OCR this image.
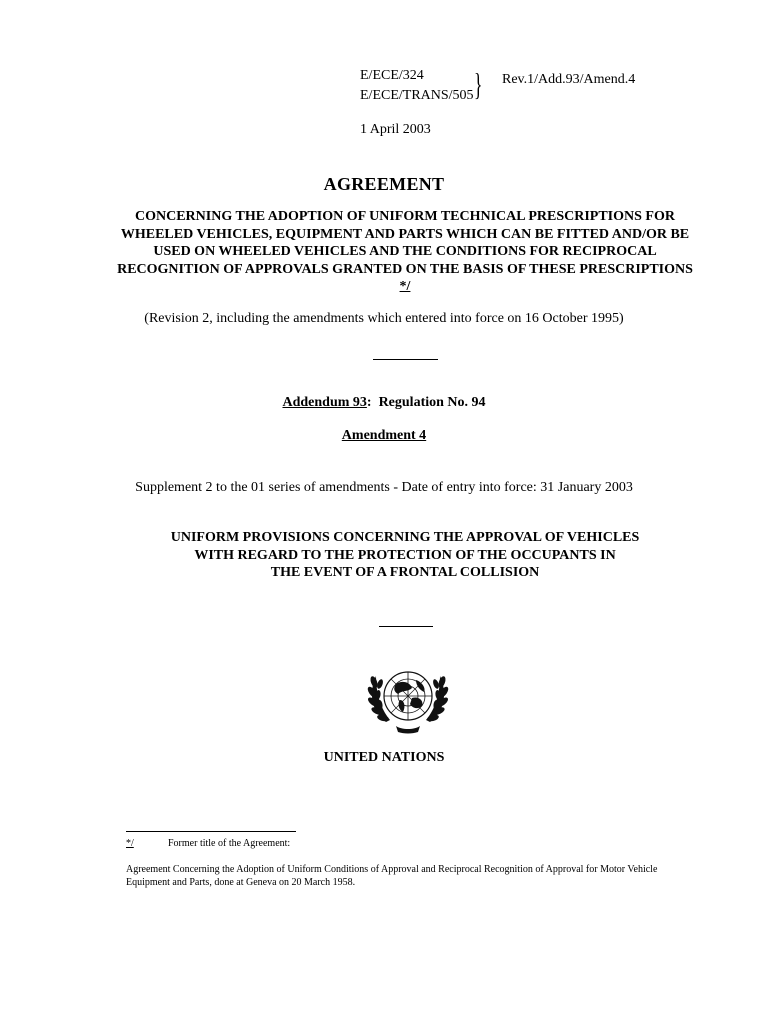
E/ECE/324
E/ECE/TRANS/505 } Rev.1/Add.93/Amend.4
1 April 2003
AGREEMENT
CONCERNING THE ADOPTION OF UNIFORM TECHNICAL PRESCRIPTIONS FOR WHEELED VEHICLES, EQUIPMENT AND PARTS WHICH CAN BE FITTED AND/OR BE USED ON WHEELED VEHICLES AND THE CONDITIONS FOR RECIPROCAL RECOGNITION OF APPROVALS GRANTED ON THE BASIS OF THESE PRESCRIPTIONS */
(Revision 2, including the amendments which entered into force on 16 October 1995)
Addendum 93:  Regulation No. 94
Amendment 4
Supplement 2 to the 01 series of amendments - Date of entry into force: 31 January 2003
UNIFORM PROVISIONS CONCERNING THE APPROVAL OF VEHICLES
WITH REGARD TO THE PROTECTION OF THE OCCUPANTS IN
THE EVENT OF A FRONTAL COLLISION
UNITED NATIONS
*/	Former title of the Agreement:
Agreement Concerning the Adoption of Uniform Conditions of Approval and Reciprocal Recognition of Approval for Motor Vehicle Equipment and Parts, done at Geneva on 20 March 1958.
